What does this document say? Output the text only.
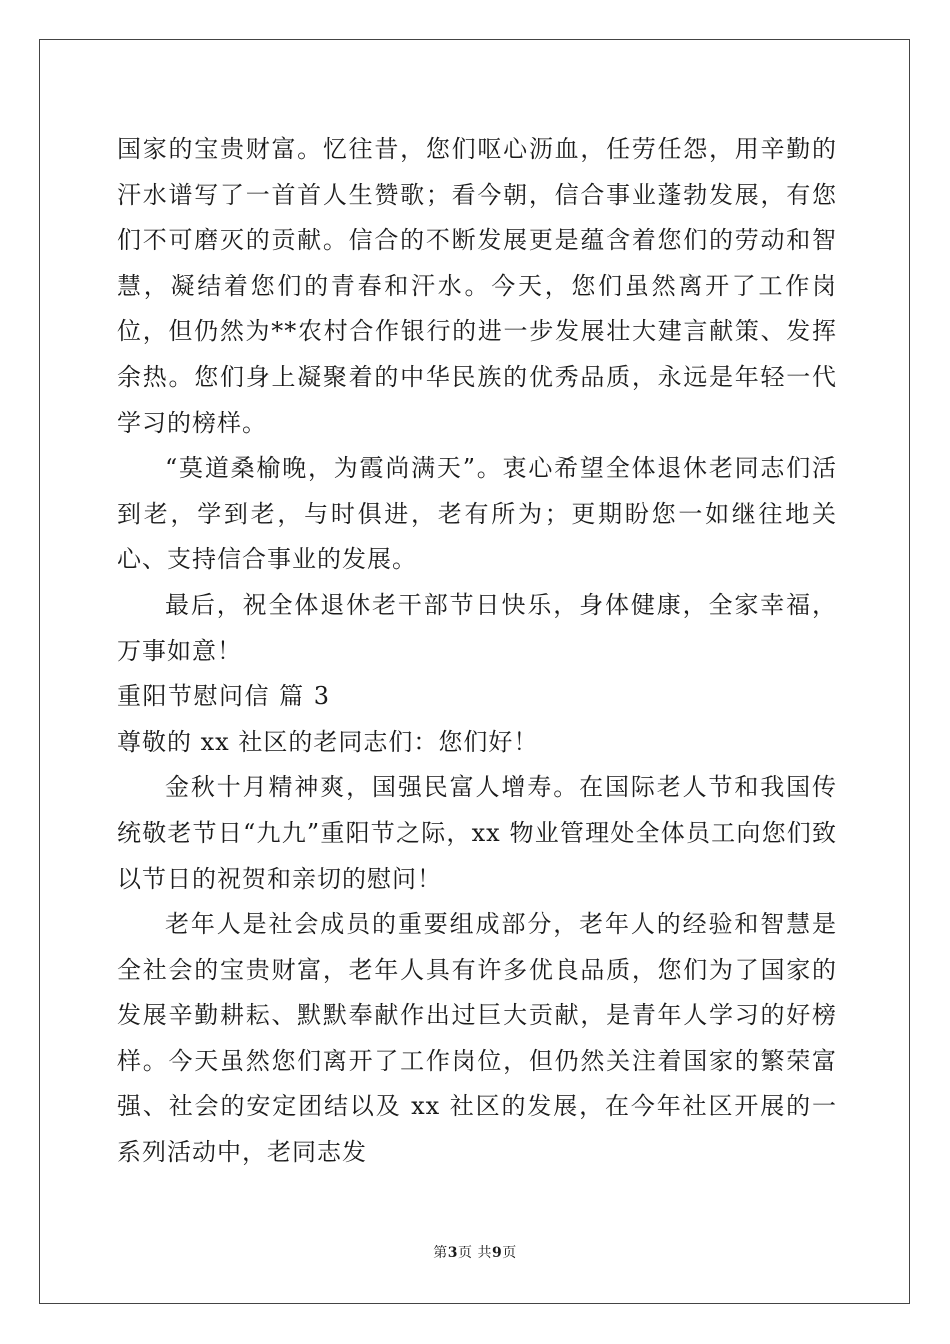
国家的宝贵财富。忆往昔，您们呕心沥血，任劳任怨，用辛勤的汗水谱写了一首首人生赞歌；看今朝，信合事业蓬勃发展，有您们不可磨灭的贡献。信合的不断发展更是蕴含着您们的劳动和智慧，凝结着您们的青春和汗水。今天，您们虽然离开了工作岗位，但仍然为**农村合作银行的进一步发展壮大建言献策、发挥余热。您们身上凝聚着的中华民族的优秀品质，永远是年轻一代学习的榜样。

“莫道桑榆晚，为霞尚满天”。衷心希望全体退休老同志们活到老，学到老，与时俱进，老有所为；更期盼您一如继往地关心、支持信合事业的发展。

最后，祝全体退休老干部节日快乐，身体健康，全家幸福，万事如意！

重阳节慰问信 篇 3

尊敬的 xx 社区的老同志们：您们好！

金秋十月精神爽，国强民富人增寿。在国际老人节和我国传统敬老节日“九九”重阳节之际，xx 物业管理处全体员工向您们致以节日的祝贺和亲切的慰问！

老年人是社会成员的重要组成部分，老年人的经验和智慧是全社会的宝贵财富，老年人具有许多优良品质，您们为了国家的发展辛勤耕耘、默默奉献作出过巨大贡献，是青年人学习的好榜样。今天虽然您们离开了工作岗位，但仍然关注着国家的繁荣富强、社会的安定团结以及 xx 社区的发展，在今年社区开展的一系列活动中，老同志发

第3页 共9页
